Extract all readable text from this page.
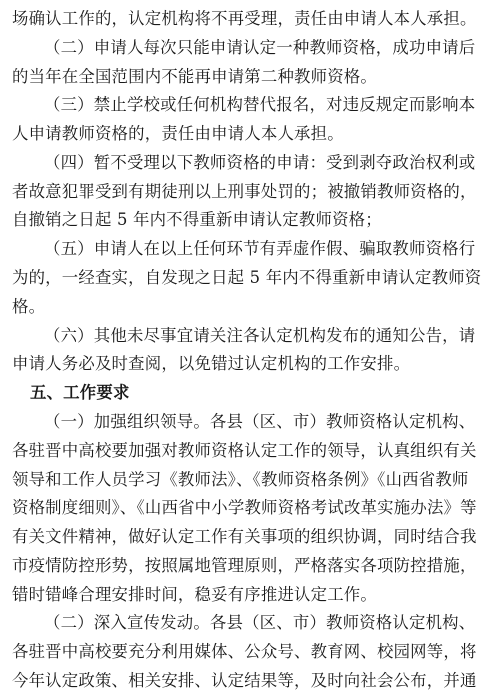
场确认工作的，认定机构将不再受理，责任由申请人本人承担。
（二）申请人每次只能申请认定一种教师资格，成功申请后
的当年在全国范围内不能再申请第二种教师资格。
（三）禁止学校或任何机构替代报名，对违反规定而影响本
人申请教师资格的，责任由申请人本人承担。
（四）暂不受理以下教师资格的申请：受到剥夺政治权利或
者故意犯罪受到有期徒刑以上刑事处罚的；被撤销教师资格的，
自撤销之日起 5 年内不得重新申请认定教师资格；
（五）申请人在以上任何环节有弄虚作假、骗取教师资格行
为的，一经查实，自发现之日起 5 年内不得重新申请认定教师资
格。
（六）其他未尽事宜请关注各认定机构发布的通知公告，请
申请人务必及时查阅，以免错过认定机构的工作安排。
五、工作要求
（一）加强组织领导。各县（区、市）教师资格认定机构、
各驻晋中高校要加强对教师资格认定工作的领导，认真组织有关
领导和工作人员学习《教师法》、《教师资格条例》《山西省教师
资格制度细则》、《山西省中小学教师资格考试改革实施办法》等
有关文件精神，做好认定工作有关事项的组织协调，同时结合我
市疫情防控形势，按照属地管理原则，严格落实各项防控措施，
错时错峰合理安排时间，稳妥有序推进认定工作。
（二）深入宣传发动。各县（区、市）教师资格认定机构、
各驻晋中高校要充分利用媒体、公众号、教育网、校园网等，将
今年认定政策、相关安排、认定结果等，及时向社会公布，并通
